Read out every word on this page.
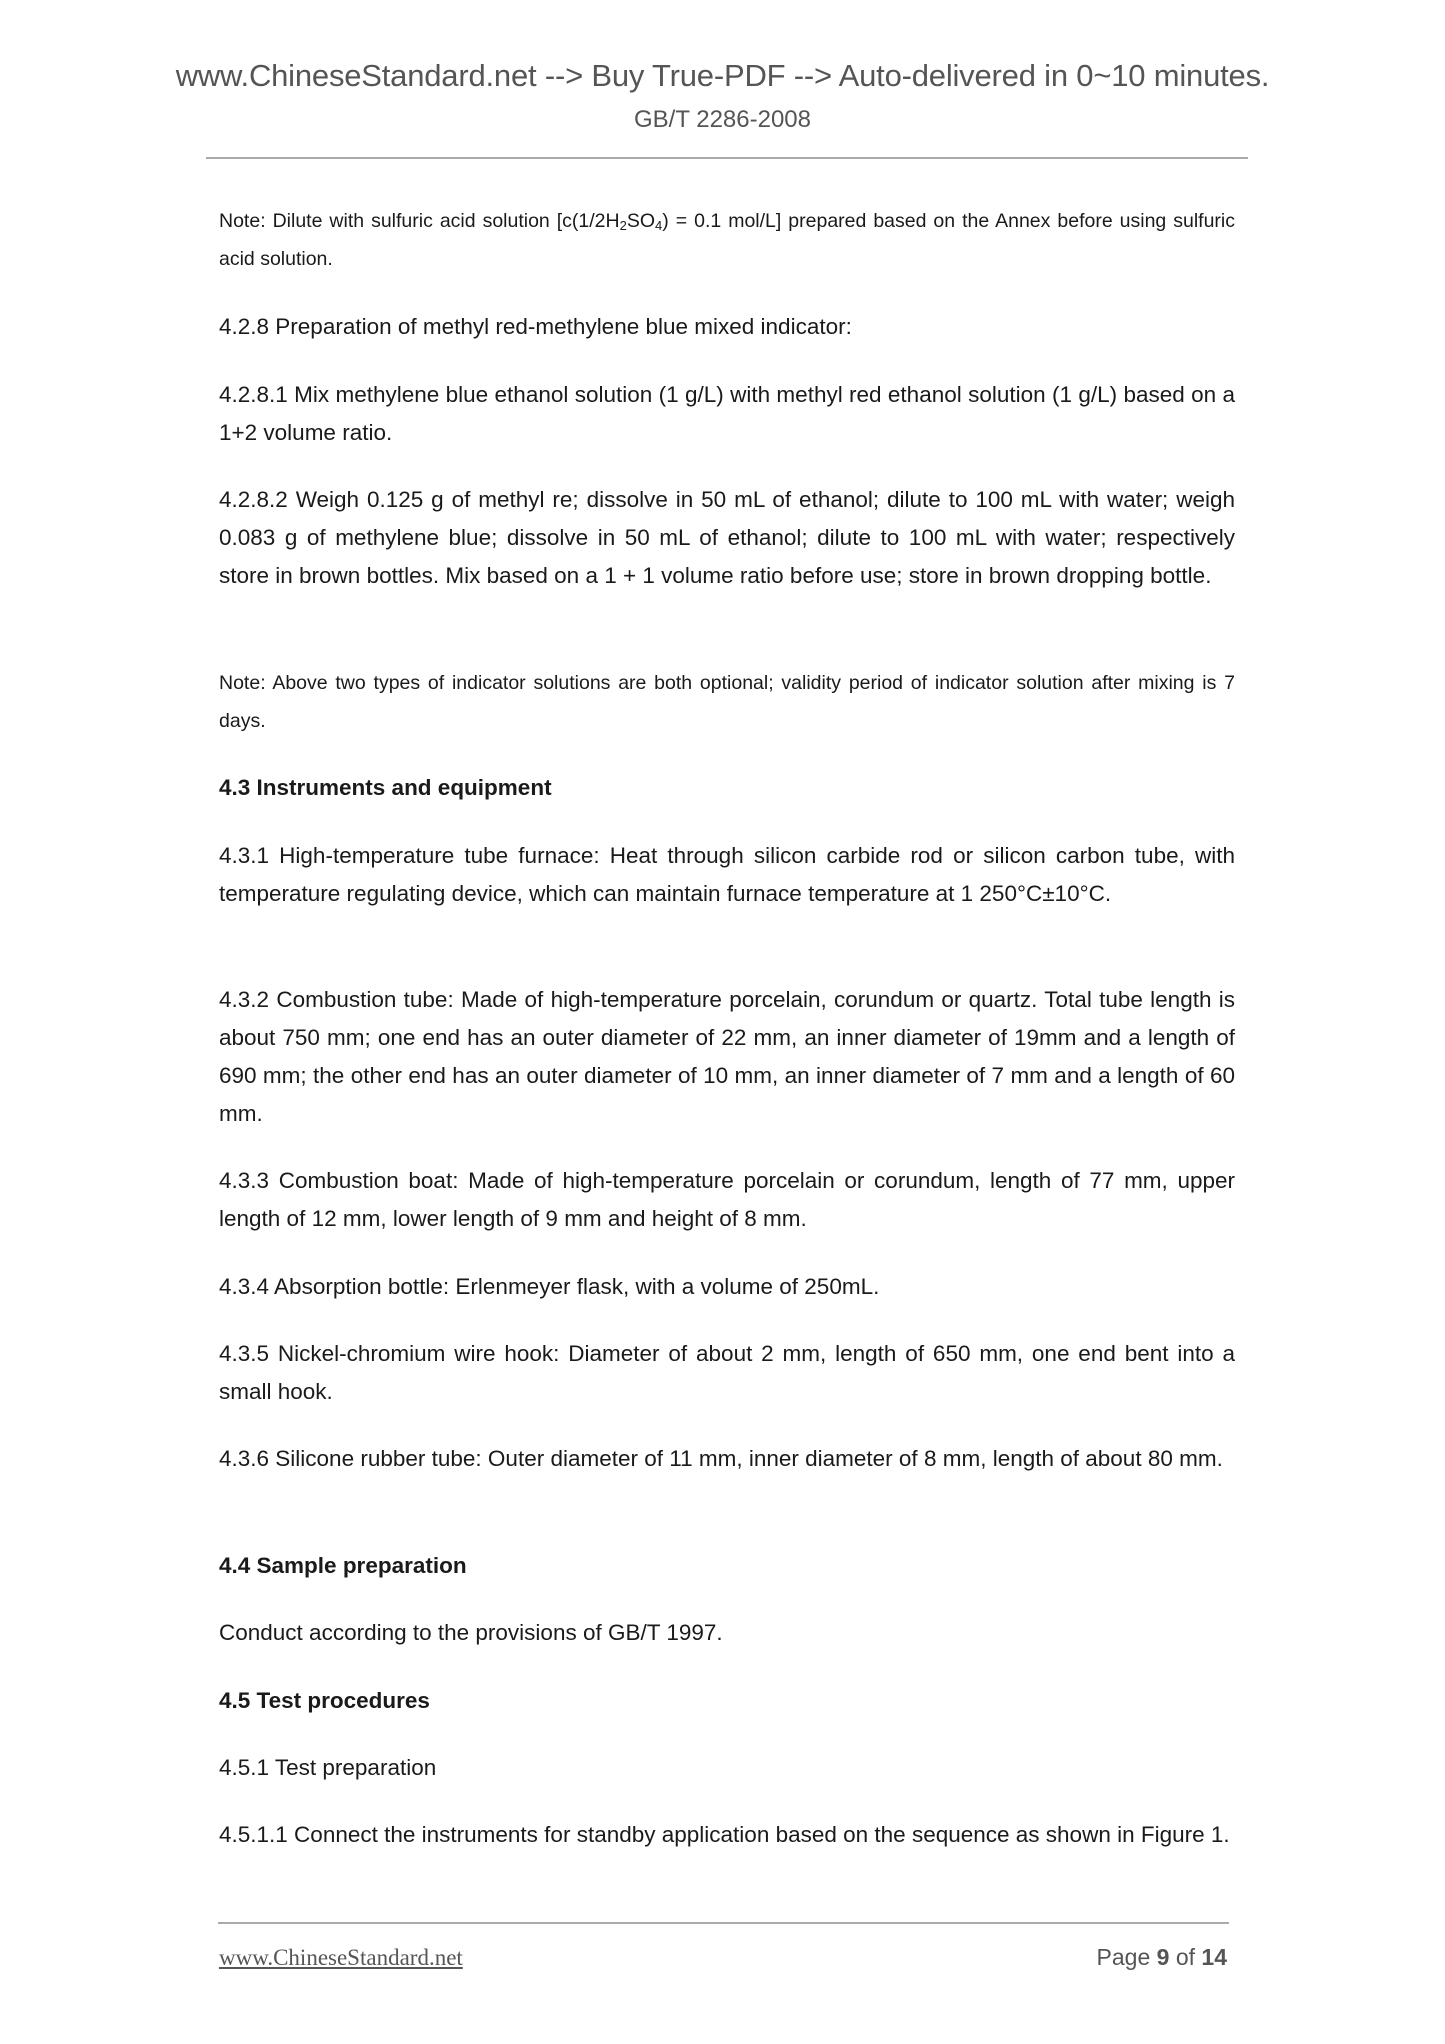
www.ChineseStandard.net --> Buy True-PDF --> Auto-delivered in 0~10 minutes.
GB/T 2286-2008
Note: Dilute with sulfuric acid solution [$c(1/2H_2SO_4) = 0.1$ mol/L] prepared based on the Annex before using sulfuric acid solution.
4.2.8 Preparation of methyl red-methylene blue mixed indicator:
4.2.8.1 Mix methylene blue ethanol solution (1 g/L) with methyl red ethanol solution (1 g/L) based on a 1+2 volume ratio.
4.2.8.2 Weigh 0.125 g of methyl re; dissolve in 50 mL of ethanol; dilute to 100 mL with water; weigh 0.083 g of methylene blue; dissolve in 50 mL of ethanol; dilute to 100 mL with water; respectively store in brown bottles. Mix based on a 1 + 1 volume ratio before use; store in brown dropping bottle.
Note: Above two types of indicator solutions are both optional; validity period of indicator solution after mixing is 7 days.
4.3 Instruments and equipment
4.3.1 High-temperature tube furnace: Heat through silicon carbide rod or silicon carbon tube, with temperature regulating device, which can maintain furnace temperature at 1 250°C±10°C.
4.3.2 Combustion tube: Made of high-temperature porcelain, corundum or quartz. Total tube length is about 750 mm; one end has an outer diameter of 22 mm, an inner diameter of 19mm and a length of 690 mm; the other end has an outer diameter of 10 mm, an inner diameter of 7 mm and a length of 60 mm.
4.3.3 Combustion boat: Made of high-temperature porcelain or corundum, length of 77 mm, upper length of 12 mm, lower length of 9 mm and height of 8 mm.
4.3.4 Absorption bottle: Erlenmeyer flask, with a volume of 250mL.
4.3.5 Nickel-chromium wire hook: Diameter of about 2 mm, length of 650 mm, one end bent into a small hook.
4.3.6 Silicone rubber tube: Outer diameter of 11 mm, inner diameter of 8 mm, length of about 80 mm.
4.4 Sample preparation
Conduct according to the provisions of GB/T 1997.
4.5 Test procedures
4.5.1 Test preparation
4.5.1.1 Connect the instruments for standby application based on the sequence as shown in Figure 1.
www.ChineseStandard.net	Page 9 of 14
